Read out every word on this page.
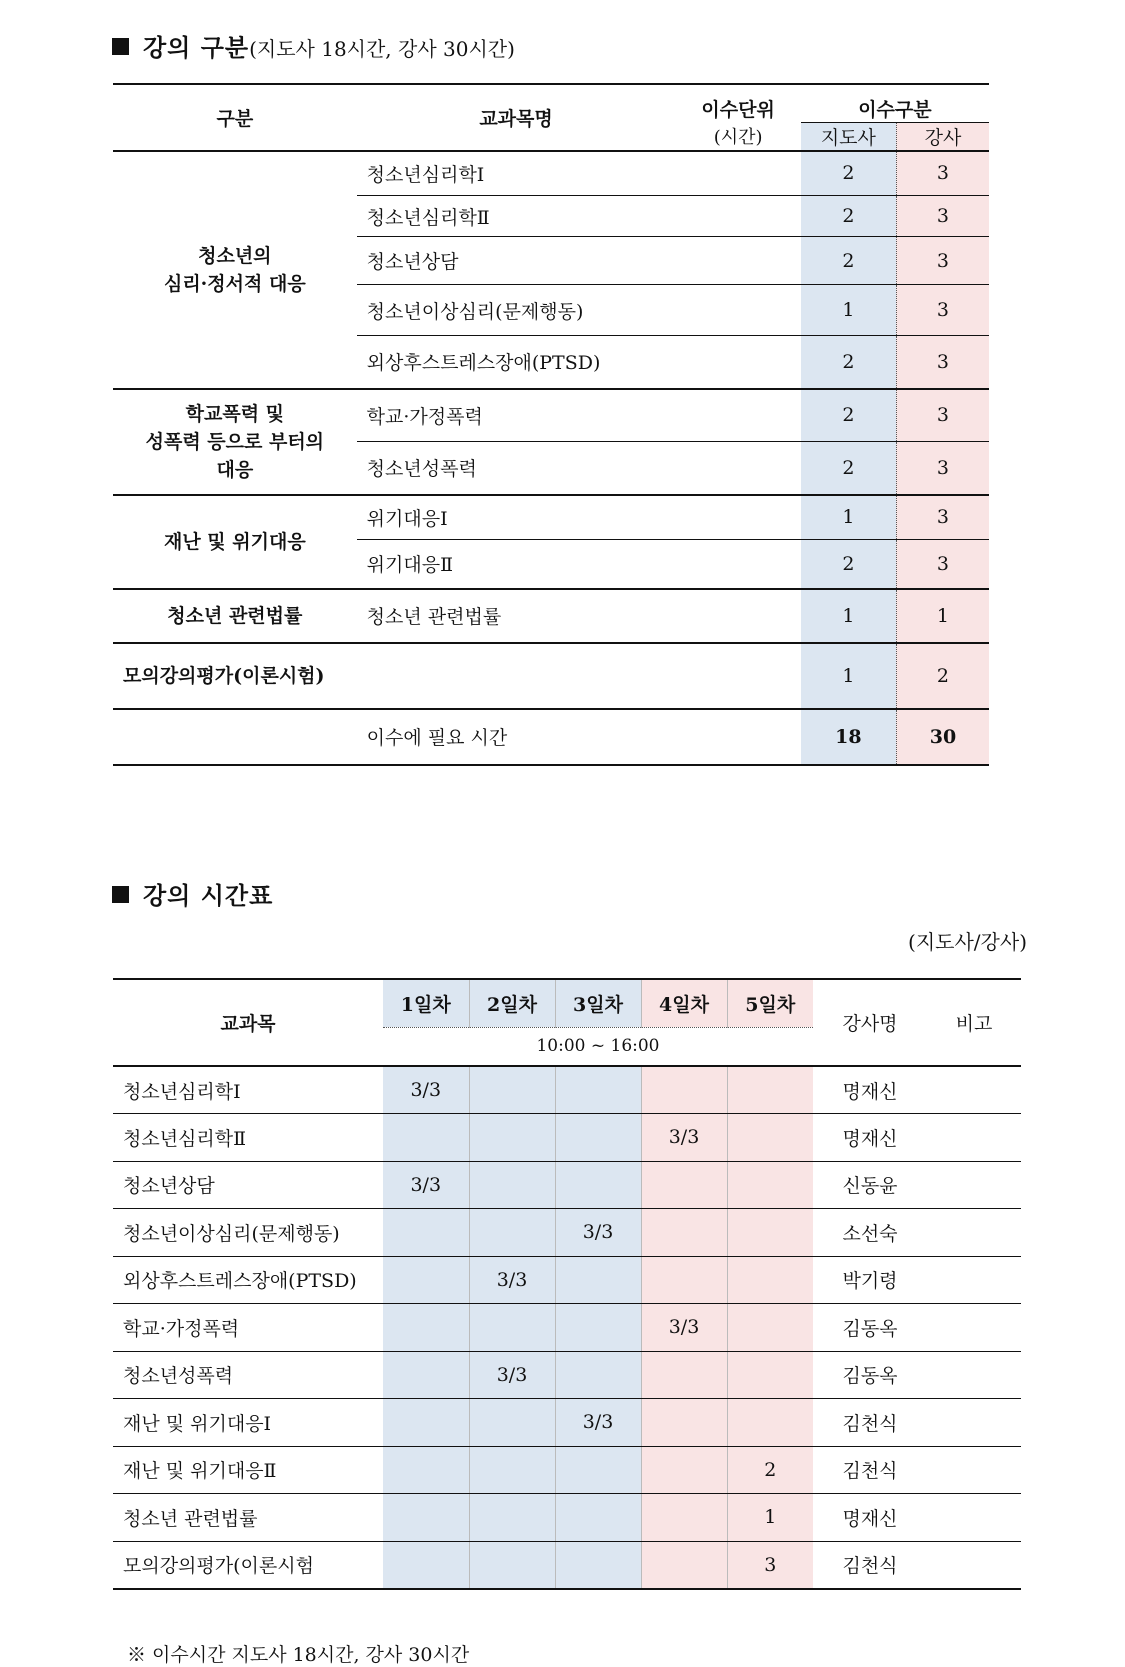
강의 구분(지도사 18시간, 강사 30시간)
구분	교과목명	이수단위	이수구분	
		(시간)	지도사	강사
청소년의
심리·정서적 대응	청소년심리학Ⅰ		2	3
	청소년심리학Ⅱ		2	3
	청소년상담		2	3
	청소년이상심리(문제행동)		1	3
	외상후스트레스장애(PTSD)		2	3
학교폭력 및
성폭력 등으로 부터의
대응	학교·가정폭력		2	3
	청소년성폭력		2	3
재난 및 위기대응	위기대응Ⅰ		1	3
	위기대응Ⅱ		2	3
청소년 관련법률	청소년 관련법률		1	1
모의강의평가(이론시험)			1	2
	이수에 필요 시간		18	30
강의 시간표
(지도사/강사)
교과목	1일차	2일차	3일차	4일차	5일차	강사명	비고
	10:00 ~ 16:00						
청소년심리학Ⅰ	3/3					명재신	
청소년심리학Ⅱ				3/3		명재신	
청소년상담	3/3					신동윤	
청소년이상심리(문제행동)			3/3			소선숙	
외상후스트레스장애(PTSD)		3/3				박기령	
학교·가정폭력				3/3		김동옥	
청소년성폭력		3/3				김동옥	
재난 및 위기대응Ⅰ			3/3			김천식	
재난 및 위기대응Ⅱ					2	김천식	
청소년 관련법률					1	명재신	
모의강의평가(이론시험					3	김천식	
※ 이수시간 지도사 18시간, 강사 30시간
